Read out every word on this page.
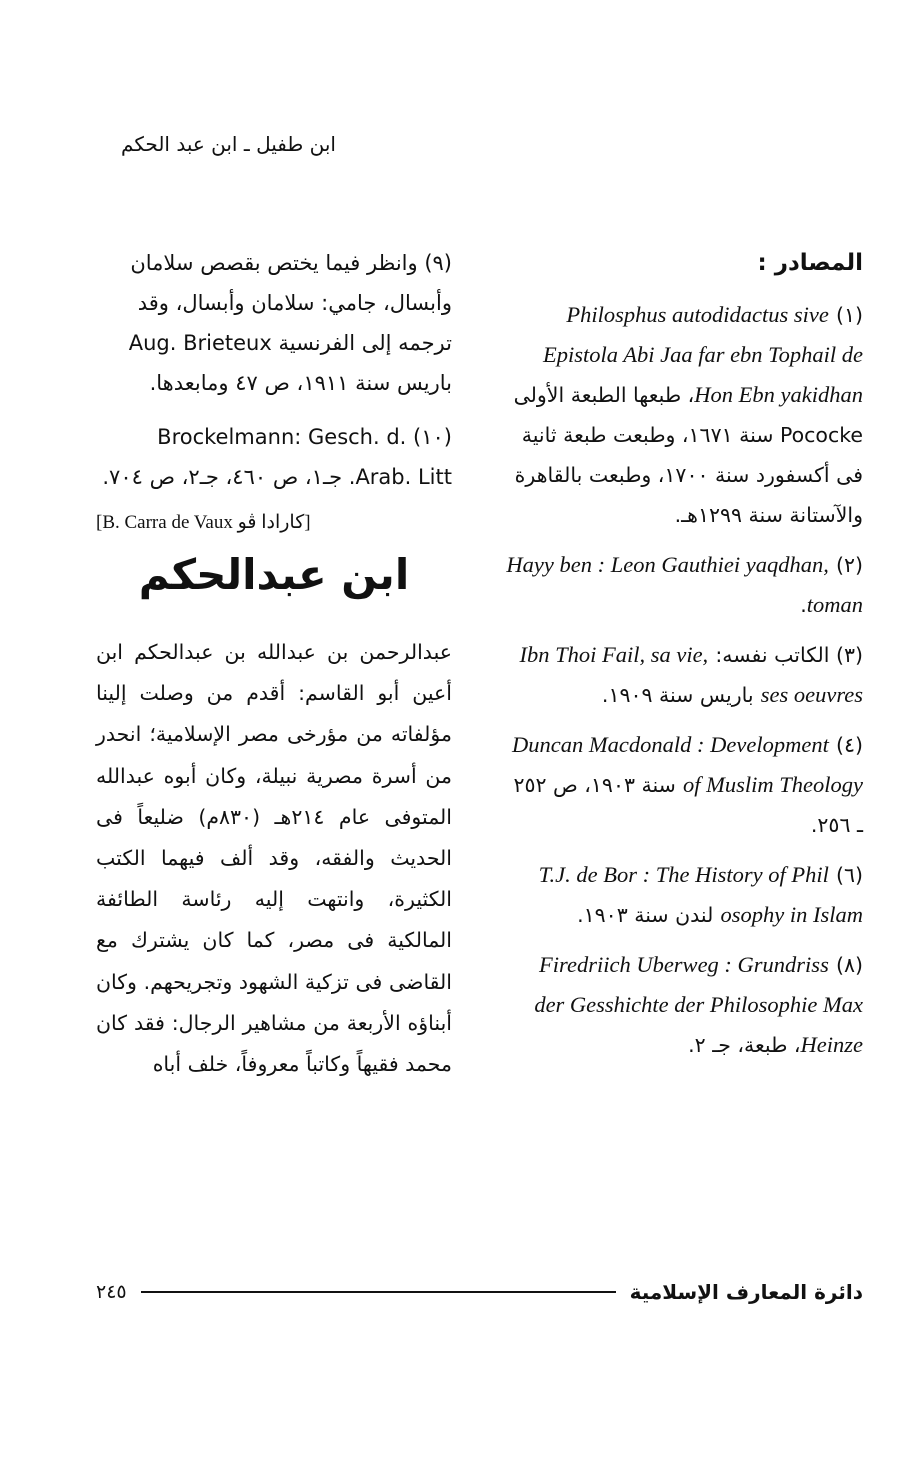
ابن طفيل ـ ابن عبد الحكم
المصادر :
(١) Philosphus autodidactus sive Epistola Abi Jaa far ebn Tophail de Hon Ebn yakidhan، طبعها الطبعة الأولى Pococke سنة ١٦٧١، وطبعت طبعة ثانية فى أكسفورد سنة ١٧٠٠، وطبعت بالقاهرة والآستانة سنة ١٢٩٩هـ.
(٢) Hayy ben : Leon Gauthiei yaqdhan, toman.
(٣) الكاتب نفسه: Ibn Thoi Fail, sa vie, ses oeuvres باريس سنة ١٩٠٩.
(٤) Duncan Macdonald : Development of Muslim Theology سنة ١٩٠٣، ص ٢٥٢ ـ ٢٥٦.
(٦) T.J. de Bor : The History of Phil osophy in Islam لندن سنة ١٩٠٣.
(٨) Firedriich Uberweg : Grundriss der Gesshichte der Philosophie Max Heinze، طبعة، جـ ٢.
(٩) وانظر فيما يختص بقصص سلامان وأبسال، جامي: سلامان وأبسال، وقد ترجمه إلى الفرنسية Aug. Brieteux باريس سنة ١٩١١، ص ٤٧ ومابعدها.
(١٠) Brockelmann: Gesch. d. Arab. Litt. جـ١، ص ٤٦٠، جـ٢، ص ٧٠٤.
[B. Carra de Vaux كارادا ڤو]
ابن عبدالحكم

عبدالرحمن بن عبدالله بن عبدالحكم ابن أعين أبو القاسم: أقدم من وصلت إلينا مؤلفاته من مؤرخى مصر الإسلامية؛ انحدر من أسرة مصرية نبيلة، وكان أبوه عبدالله المتوفى عام ٢١٤هـ (٨٣٠م) ضليعاً فى الحديث والفقه، وقد ألف فيهما الكتب الكثيرة، وانتهت إليه رئاسة الطائفة المالكية فى مصر، كما كان يشترك مع القاضى فى تزكية الشهود وتجريحهم. وكان أبناؤه الأربعة من مشاهير الرجال: فقد كان محمد فقيهاً وكاتباً معروفاً، خلف أباه

٢٤٥	دائرة المعارف الإسلامية
